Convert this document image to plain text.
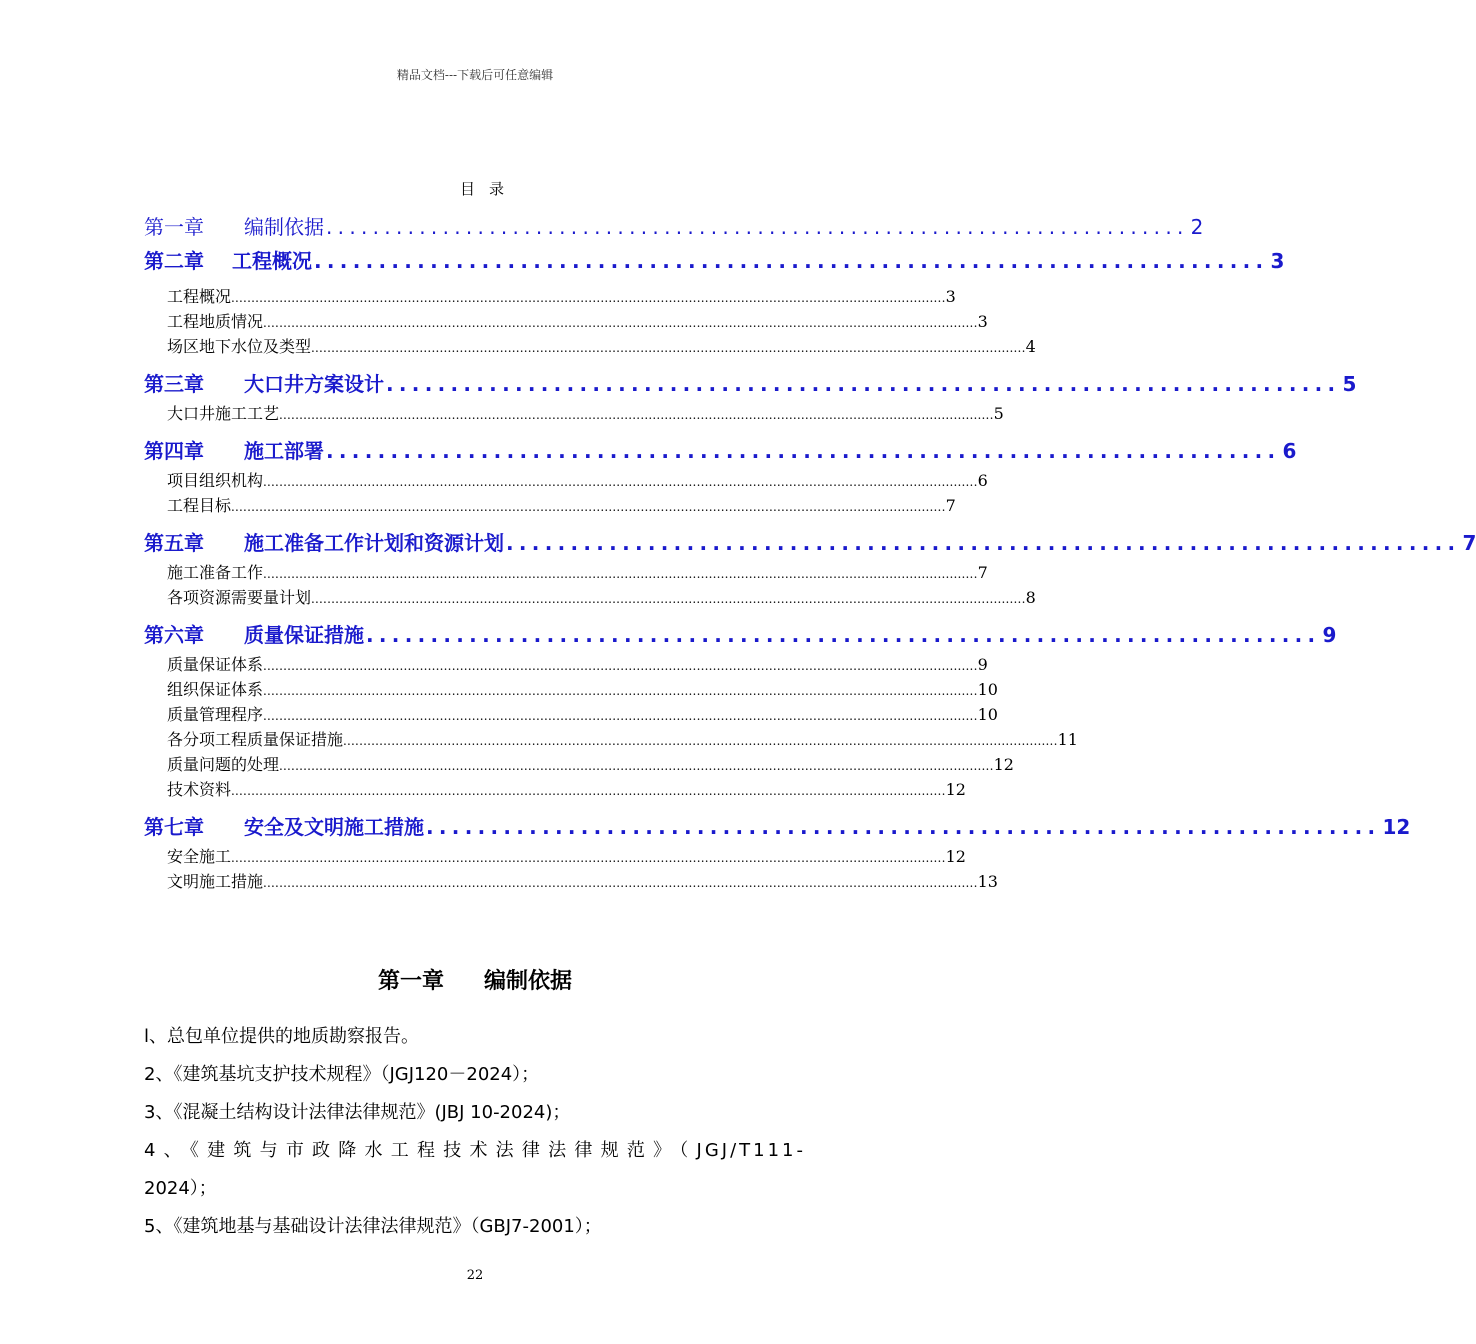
精品文档---下载后可任意编辑
目录
第一章	编制依据 .......................................................................... 2
第二章	工程概况 .......................................................................... 3
工程概况 .................................................................................................................................................................................. 3
工程地质情况 .................................................................................................................................................................................. 3
场区地下水位及类型 .................................................................................................................................................................................. 4
第三章	大口井方案设计 .......................................................................... 5
大口井施工工艺 .................................................................................................................................................................................. 5
第四章	施工部署 .......................................................................... 6
项目组织机构 .................................................................................................................................................................................. 6
工程目标 .................................................................................................................................................................................. 7
第五章	施工准备工作计划和资源计划 .......................................................................... 7
施工准备工作 .................................................................................................................................................................................. 7
各项资源需要量计划 .................................................................................................................................................................................. 8
第六章	质量保证措施 .......................................................................... 9
质量保证体系 .................................................................................................................................................................................. 9
组织保证体系 .................................................................................................................................................................................. 10
质量管理程序 .................................................................................................................................................................................. 10
各分项工程质量保证措施 .................................................................................................................................................................................. 11
质量问题的处理 .................................................................................................................................................................................. 12
技术资料 .................................................................................................................................................................................. 12
第七章	安全及文明施工措施 .......................................................................... 12
安全施工 .................................................................................................................................................................................. 12
文明施工措施 .................................................................................................................................................................................. 13
第一章 编制依据
l、总包单位提供的地质勘察报告。
2、《建筑基坑支护技术规程》（JGJ120－2024）；
3、《混凝土结构设计法律法律规范》(JBJ 10-2024)；
4、《建筑与市政降水工程技术法律法律规范》（JGJ/T111-
2024）；
5、《建筑地基与基础设计法律法律规范》（GBJ7-2001）；
22
